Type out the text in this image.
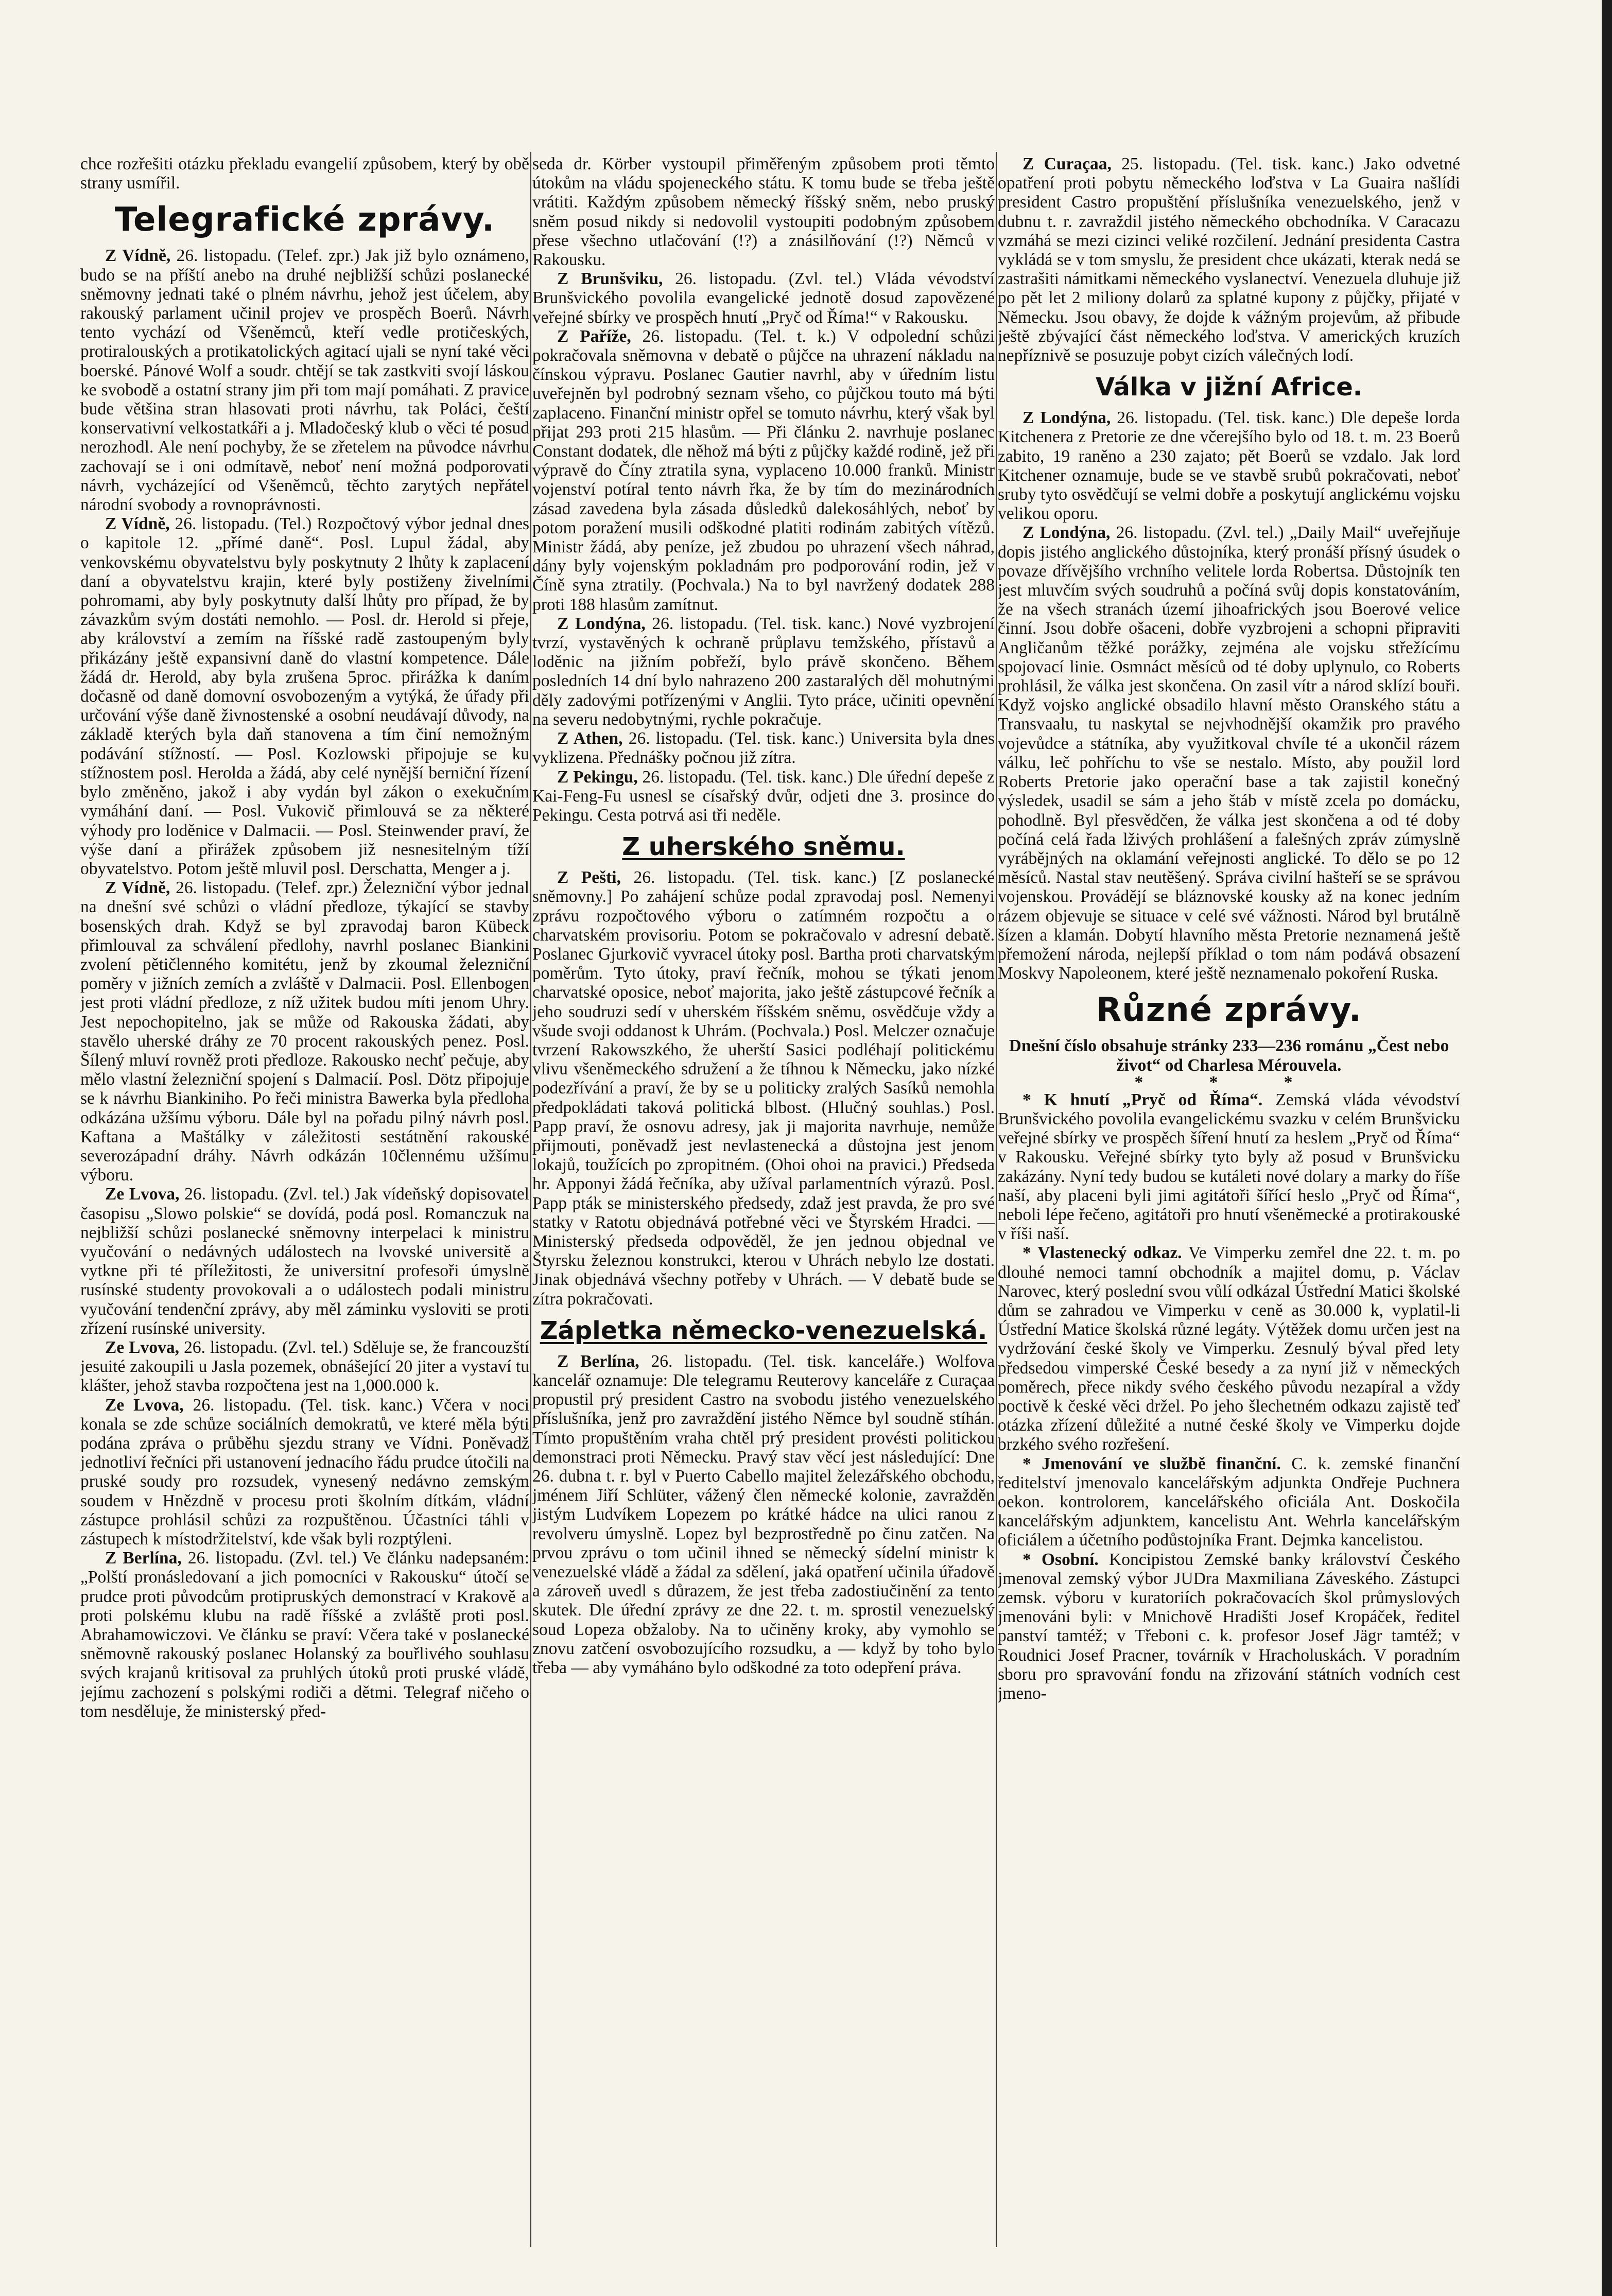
chce rozřešiti otázku překladu evangelií způsobem, který by obě strany usmířil.

Telegrafické zprávy.

Z Vídně, 26. listopadu. (Telef. zpr.) Jak již bylo oznámeno, budo se na příští anebo na druhé nejbližší schůzi poslanecké sněmovny jednati také o plném návrhu, jehož jest účelem, aby rakouský parlament učinil projev ve prospěch Boerů. Návrh tento vychází od Všeněmců, kteří vedle protičeských, protiralouských a protikatolických agitací ujali se nyní také věci boerské. Pánové Wolf a soudr. chtějí se tak zastkviti svojí láskou ke svobodě a ostatní strany jim při tom mají pomáhati. Z pravice bude většina stran hlasovati proti návrhu, tak Poláci, čeští konservativní velkostatkáři a j. Mladočeský klub o věci té posud nerozhodl. Ale není pochyby, že se zřetelem na původce návrhu zachovají se i oni odmítavě, neboť není možná podporovati návrh, vycházející od Všeněmců, těchto zarytých nepřátel národní svobody a rovnoprávnosti.

Z Vídně, 26. listopadu. (Tel.) Rozpočtový výbor jednal dnes o kapitole 12. „přímé daně“. Posl. Lupul žádal, aby venkovskému obyvatelstvu byly poskytnuty 2 lhůty k zaplacení daní a obyvatelstvu krajin, které byly postiženy živelními pohromami, aby byly poskytnuty další lhůty pro případ, že by závazkům svým dostáti nemohlo. — Posl. dr. Herold si přeje, aby království a zemím na říšské radě zastoupeným byly přikázány ještě expansivní daně do vlastní kompetence. Dále žádá dr. Herold, aby byla zrušena 5proc. přirážka k daním dočasně od daně domovní osvobozeným a vytýká, že úřady při určování výše daně živnostenské a osobní neudávají důvody, na základě kterých byla daň stanovena a tím činí nemožným podávání stížností. — Posl. Kozlowski připojuje se ku stížnostem posl. Herolda a žádá, aby celé nynější berniční řízení bylo změněno, jakož i aby vydán byl zákon o exekučním vymáhání daní. — Posl. Vukovič přimlouvá se za některé výhody pro loděnice v Dalmacii. — Posl. Steinwender praví, že výše daní a přirážek způsobem již nesnesitelným tíží obyvatelstvo. Potom ještě mluvil posl. Derschatta, Menger a j.

Z Vídně, 26. listopadu. (Telef. zpr.) Železniční výbor jednal na dnešní své schůzi o vládní předloze, týkající se stavby bosenských drah. Když se byl zpravodaj baron Kübeck přimlouval za schválení předlohy, navrhl poslanec Biankini zvolení pětičlenného komitétu, jenž by zkoumal železniční poměry v jižních zemích a zvláště v Dalmacii. Posl. Ellenbogen jest proti vládní předloze, z níž užitek budou míti jenom Uhry. Jest nepochopitelno, jak se může od Rakouska žádati, aby stavělo uherské dráhy ze 70 procent rakouských penez. Posl. Šílený mluví rovněž proti předloze. Rakousko nechť pečuje, aby mělo vlastní železniční spojení s Dalmacií. Posl. Dötz připojuje se k návrhu Biankiniho. Po řeči ministra Bawerka byla předloha odkázána užšímu výboru. Dále byl na pořadu pilný návrh posl. Kaftana a Maštálky v záležitosti sestátnění rakouské severozápadní dráhy. Návrh odkázán 10člennému užšímu výboru.

Ze Lvova, 26. listopadu. (Zvl. tel.) Jak vídeňský dopisovatel časopisu „Slowo polskie“ se dovídá, podá posl. Romanczuk na nejbližší schůzi poslanecké sněmovny interpelaci k ministru vyučování o nedávných událostech na lvovské universitě a vytkne při té příležitosti, že universitní profesoři úmyslně rusínské studenty provokovali a o událostech podali ministru vyučování tendenční zprávy, aby měl záminku vysloviti se proti zřízení rusínské university.

Ze Lvova, 26. listopadu. (Zvl. tel.) Sděluje se, že francouzští jesuité zakoupili u Jasla pozemek, obnášející 20 jiter a vystaví tu klášter, jehož stavba rozpočtena jest na 1,000.000 k.

Ze Lvova, 26. listopadu. (Tel. tisk. kanc.) Včera v noci konala se zde schůze sociálních demokratů, ve které měla býti podána zpráva o průběhu sjezdu strany ve Vídni. Poněvadž jednotliví řečníci při ustanovení jednacího řádu prudce útočili na pruské soudy pro rozsudek, vynesený nedávno zemským soudem v Hnězdně v procesu proti školním dítkám, vládní zástupce prohlásil schůzi za rozpuštěnou. Účastníci táhli v zástupech k místodržitelství, kde však byli rozptýleni.

Z Berlína, 26. listopadu. (Zvl. tel.) Ve článku nadepsaném: „Polští pronásledovaní a jich pomocníci v Rakousku“ útočí se prudce proti původcům protipruských demonstrací v Krakově a proti polskému klubu na radě říšské a zvláště proti posl. Abrahamowiczovi. Ve článku se praví: Včera také v poslanecké sněmovně rakouský poslanec Holanský za bouřlivého souhlasu svých krajanů kritisoval za pruhlých útoků proti pruské vládě, jejímu zachození s polskými rodiči a dětmi. Telegraf ničeho o tom nesděluje, že ministerský před-

seda dr. Körber vystoupil přiměřeným způsobem proti těmto útokům na vládu spojeneckého státu. K tomu bude se třeba ještě vrátiti. Každým způsobem německý říšský sněm, nebo pruský sněm posud nikdy si nedovolil vystoupiti podobným způsobem přese všechno utlačování (!?) a znásilňování (!?) Němců v Rakousku.

Z Brunšviku, 26. listopadu. (Zvl. tel.) Vláda vévodství Brunšvického povolila evangelické jednotě dosud zapovězené veřejné sbírky ve prospěch hnutí „Pryč od Říma!“ v Rakousku.

Z Paříže, 26. listopadu. (Tel. t. k.) V odpolední schůzi pokračovala sněmovna v debatě o půjčce na uhrazení nákladu na čínskou výpravu. Poslanec Gautier navrhl, aby v úředním listu uveřejněn byl podrobný seznam všeho, co půjčkou touto má býti zaplaceno. Finanční ministr opřel se tomuto návrhu, který však byl přijat 293 proti 215 hlasům. — Při článku 2. navrhuje poslanec Constant dodatek, dle něhož má býti z půjčky každé rodině, jež při výpravě do Číny ztratila syna, vyplaceno 10.000 franků. Ministr vojenství potíral tento návrh řka, že by tím do mezinárodních zásad zavedena byla zásada důsledků dalekosáhlých, neboť by potom poražení musili odškodné platiti rodinám zabitých vítězů. Ministr žádá, aby peníze, jež zbudou po uhrazení všech náhrad, dány byly vojenským pokladnám pro podporování rodin, jež v Číně syna ztratily. (Pochvala.) Na to byl navržený dodatek 288 proti 188 hlasům zamítnut.

Z Londýna, 26. listopadu. (Tel. tisk. kanc.) Nové vyzbrojení tvrzí, vystavěných k ochraně průplavu temžského, přístavů a loděnic na jižním pobřeží, bylo právě skončeno. Během posledních 14 dní bylo nahrazeno 200 zastaralých děl mohutnými děly zadovými potřízenými v Anglii. Tyto práce, učiniti opevnění na severu nedobytnými, rychle pokračuje.

Z Athen, 26. listopadu. (Tel. tisk. kanc.) Universita byla dnes vyklizena. Přednášky počnou již zítra.

Z Pekingu, 26. listopadu. (Tel. tisk. kanc.) Dle úřední depeše z Kai-Feng-Fu usnesl se císařský dvůr, odjeti dne 3. prosince do Pekingu. Cesta potrvá asi tři neděle.

Z uherského sněmu.

Z Pešti, 26. listopadu. (Tel. tisk. kanc.) [Z poslanecké sněmovny.] Po zahájení schůze podal zpravodaj posl. Nemenyi zprávu rozpočtového výboru o zatímném rozpočtu a o charvatském provisoriu. Potom se pokračovalo v adresní debatě. Poslanec Gjurkovič vyvracel útoky posl. Bartha proti charvatským poměrům. Tyto útoky, praví řečník, mohou se týkati jenom charvatské oposice, neboť majorita, jako ještě zástupcové řečník a jeho soudruzi sedí v uherském říšském sněmu, osvědčuje vždy a všude svoji oddanost k Uhrám. (Pochvala.) Posl. Melczer označuje tvrzení Rakowszkého, že uherští Sasici podléhají politickému vlivu všeněmeckého sdružení a že tíhnou k Německu, jako nízké podezřívání a praví, že by se u politicky zralých Sasíků nemohla předpokládati taková politická blbost. (Hlučný souhlas.) Posl. Papp praví, že osnovu adresy, jak ji majorita navrhuje, nemůže přijmouti, poněvadž jest nevlastenecká a důstojna jest jenom lokajů, toužících po zpropitném. (Ohoi ohoi na pravici.) Předseda hr. Apponyi žádá řečníka, aby užíval parlamentních výrazů. Posl. Papp pták se ministerského předsedy, zdaž jest pravda, že pro své statky v Ratotu objednává potřebné věci ve Štyrském Hradci. — Ministerský předseda odpověděl, že jen jednou objednal ve Štyrsku železnou konstrukci, kterou v Uhrách nebylo lze dostati. Jinak objednává všechny potřeby v Uhrách. — V debatě bude se zítra pokračovati.

Zápletka německo-venezuelská.

Z Berlína, 26. listopadu. (Tel. tisk. kanceláře.) Wolfova kancelář oznamuje: Dle telegramu Reuterovy kanceláře z Curaçaa propustil prý president Castro na svobodu jistého venezuelského příslušníka, jenž pro zavraždění jistého Němce byl soudně stíhán. Tímto propuštěním vraha chtěl prý president provésti politickou demonstraci proti Německu. Pravý stav věcí jest následující: Dne 26. dubna t. r. byl v Puerto Cabello majitel železářského obchodu, jménem Jiří Schlüter, vážený člen německé kolonie, zavražděn jistým Ludvíkem Lopezem po krátké hádce na ulici ranou z revolveru úmyslně. Lopez byl bezprostředně po činu zatčen. Na prvou zprávu o tom učinil ihned se německý sídelní ministr k venezuelské vládě a žádal za sdělení, jaká opatření učinila úřadově a zároveň uvedl s důrazem, že jest třeba zadostiučinění za tento skutek. Dle úřední zprávy ze dne 22. t. m. sprostil venezuelský soud Lopeza obžaloby. Na to učiněny kroky, aby vymohlo se znovu zatčení osvobozujícího rozsudku, a — když by toho bylo třeba — aby vymáháno bylo odškodné za toto odepření práva.

Z Curaçaa, 25. listopadu. (Tel. tisk. kanc.) Jako odvetné opatření proti pobytu německého loďstva v La Guaira našlídi president Castro propuštění příslušníka venezuelského, jenž v dubnu t. r. zavraždil jistého německého obchodníka. V Caracazu vzmáhá se mezi cizinci veliké rozčilení. Jednání presidenta Castra vykládá se v tom smyslu, že president chce ukázati, kterak nedá se zastrašiti námitkami německého vyslanectví. Venezuela dluhuje již po pět let 2 miliony dolarů za splatné kupony z půjčky, přijaté v Německu. Jsou obavy, že dojde k vážným projevům, až přibude ještě zbývající část německého loďstva. V amerických kruzích nepříznivě se posuzuje pobyt cizích válečných lodí.

Válka v jižní Africe.

Z Londýna, 26. listopadu. (Tel. tisk. kanc.) Dle depeše lorda Kitchenera z Pretorie ze dne včerejšího bylo od 18. t. m. 23 Boerů zabito, 19 raněno a 230 zajato; pět Boerů se vzdalo. Jak lord Kitchener oznamuje, bude se ve stavbě srubů pokračovati, neboť sruby tyto osvědčují se velmi dobře a poskytují anglickému vojsku velikou oporu.

Z Londýna, 26. listopadu. (Zvl. tel.) „Daily Mail“ uveřejňuje dopis jistého anglického důstojníka, který pronáší přísný úsudek o povaze dřívějšího vrchního velitele lorda Robertsa. Důstojník ten jest mluvčím svých soudruhů a počíná svůj dopis konstatováním, že na všech stranách území jihoafrických jsou Boerové velice činní. Jsou dobře ošaceni, dobře vyzbrojeni a schopni připraviti Angličanům těžké porážky, zejména ale vojsku střežícímu spojovací linie. Osmnáct měsíců od té doby uplynulo, co Roberts prohlásil, že válka jest skončena. On zasil vítr a národ sklízí bouři. Když vojsko anglické obsadilo hlavní město Oranského státu a Transvaalu, tu naskytal se nejvhodnější okamžik pro pravého vojevůdce a státníka, aby využitkoval chvíle té a ukončil rázem válku, leč pohříchu to vše se nestalo. Místo, aby použil lord Roberts Pretorie jako operační base a tak zajistil konečný výsledek, usadil se sám a jeho štáb v místě zcela po domácku, pohodlně. Byl přesvědčen, že válka jest skončena a od té doby počíná celá řada lživých prohlášení a falešných zpráv zúmyslně vyrábějných na oklamání veřejnosti anglické. To dělo se po 12 měsíců. Nastal stav neutěšený. Správa civilní hašteří se se správou vojenskou. Provádějí se bláznovské kousky až na konec jedním rázem objevuje se situace v celé své vážnosti. Národ byl brutálně šízen a klamán. Dobytí hlavního města Pretorie neznamená ještě přemožení národa, nejlepší příklad o tom nám podává obsazení Moskvy Napoleonem, které ještě neznamenalo pokoření Ruska.

Různé zprávy.

Dnešní číslo obsahuje stránky 233—236 románu „Čest nebo život“ od Charlesa Mérouvela.

* * *

* K hnutí „Pryč od Říma“. Zemská vláda vévodství Brunšvického povolila evangelickému svazku v celém Brunšvicku veřejné sbírky ve prospěch šíření hnutí za heslem „Pryč od Říma“ v Rakousku. Veřejné sbírky tyto byly až posud v Brunšvicku zakázány. Nyní tedy budou se kutáleti nové dolary a marky do říše naší, aby placeni byli jimi agitátoři šířící heslo „Pryč od Říma“, neboli lépe řečeno, agitátoři pro hnutí všeněmecké a protirakouské v říši naší.

* Vlastenecký odkaz. Ve Vimperku zemřel dne 22. t. m. po dlouhé nemoci tamní obchodník a majitel domu, p. Václav Narovec, který poslední svou vůlí odkázal Ústřední Matici školské dům se zahradou ve Vimperku v ceně as 30.000 k, vyplatil-li Ústřední Matice školská různé legáty. Výtěžek domu určen jest na vydržování české školy ve Vimperku. Zesnulý býval před lety předsedou vimperské České besedy a za nyní již v německých poměrech, přece nikdy svého českého původu nezapíral a vždy poctivě k české věci držel. Po jeho šlechetném odkazu zajistě teď otázka zřízení důležité a nutné české školy ve Vimperku dojde brzkého svého rozřešení.

* Jmenování ve službě finanční. C. k. zemské finanční ředitelství jmenovalo kancelářským adjunkta Ondřeje Puchnera oekon. kontrolorem, kancelářského oficiála Ant. Doskočila kancelářským adjunktem, kancelistu Ant. Wehrla kancelářským oficiálem a účetního podůstojníka Frant. Dejmka kancelistou.

* Osobní. Koncipistou Zemské banky království Českého jmenoval zemský výbor JUDra Maxmiliana Záveského. Zástupci zemsk. výboru v kuratoriích pokračovacích škol průmyslových jmenováni byli: v Mnichově Hradišti Josef Kropáček, ředitel panství tamtéž; v Třeboni c. k. profesor Josef Jägr tamtéž; v Roudnici Josef Pracner, továrník v Hracholuskách. V poradním sboru pro spravování fondu na zřizování státních vodních cest jmeno-
